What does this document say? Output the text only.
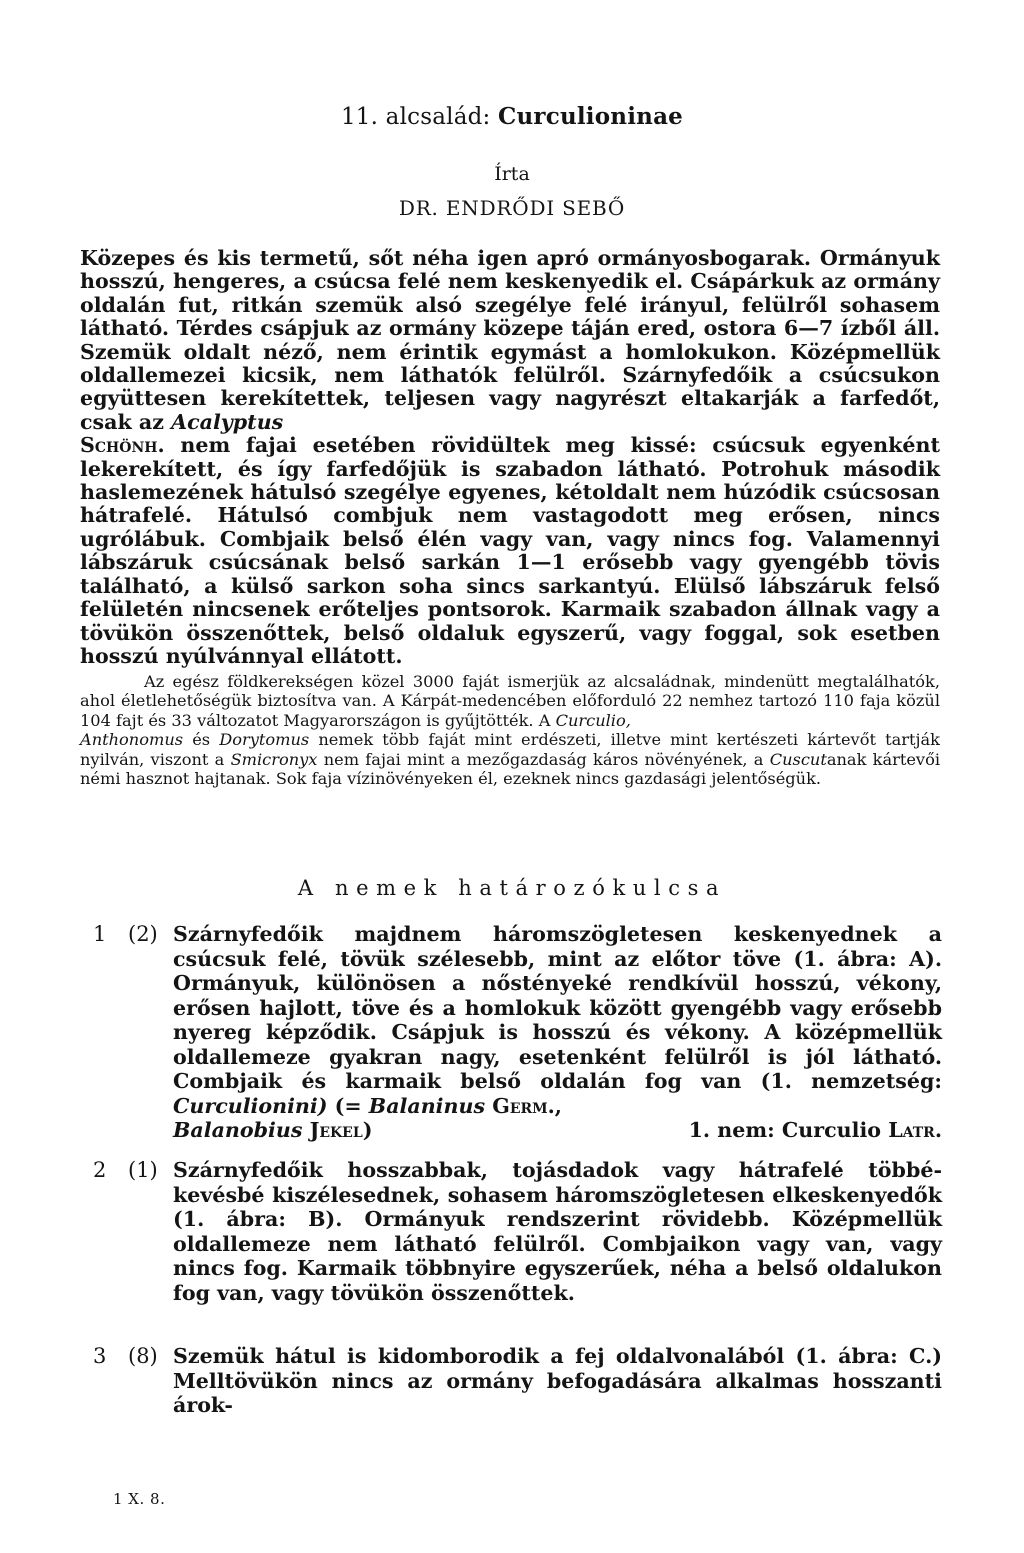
11. alcsalád: Curculioninae
Írta
DR. ENDRŐDI SEBŐ

Közepes és kis termetű, sőt néha igen apró ormányosbogarak. Ormányuk hosszú, hengeres, a csúcsa felé nem keskenyedik el. Csápárkuk az ormány oldalán fut, ritkán szemük alsó szegélye felé irányul, felülről sohasem látható. Térdes csápjuk az ormány közepe táján ered, ostora 6—7 ízből áll. Szemük oldalt néző, nem érintik egymást a homlokukon. Középmellük oldallemezei kicsik, nem láthatók felülről. Szárnyfedőik a csúcsukon együttesen kerekítettek, teljesen vagy nagyrészt eltakarják a farfedőt, csak az Acalyptus
Schönh. nem fajai esetében rövidültek meg kissé: csúcsuk egyenként lekerekített, és így farfedőjük is szabadon látható. Potrohuk második haslemezének hátulsó szegélye egyenes, kétoldalt nem húzódik csúcsosan hátrafelé. Hátulsó combjuk nem vastagodott meg erősen, nincs ugrólábuk. Combjaik belső élén vagy van, vagy nincs fog. Valamennyi lábszáruk csúcsának belső sarkán 1—1 erősebb vagy gyengébb tövis található, a külső sarkon soha sincs sarkantyú. Elülső lábszáruk felső felületén nincsenek erőteljes pontsorok. Karmaik szabadon állnak vagy a tövükön összenőttek, belső oldaluk egyszerű, vagy foggal, sok esetben hosszú nyúlvánnyal ellátott.

Az egész földkerekségen közel 3000 faját ismerjük az alcsaládnak, mindenütt megtalálhatók, ahol életlehetőségük biztosítva van. A Kárpát-medencében előforduló 22 nemhez tartozó 110 faja közül 104 fajt és 33 változatot Magyarországon is gyűjtötték. A Curculio,
Anthonomus és Dorytomus nemek több faját mint erdészeti, illetve mint kertészeti kártevőt tartják nyilván, viszont a Smicronyx nem fajai mint a mezőgazdaság káros növényének, a Cuscutanak kártevői némi hasznot hajtanak. Sok faja vízinövényeken él, ezeknek nincs gazdasági jelentőségük.

A nemek határozókulcsa
1 (2) Szárnyfedőik majdnem háromszögletesen keskenyednek a csúcsuk felé, tövük szélesebb, mint az előtor töve (1. ábra: A). Ormányuk, különösen a nőstényeké rendkívül hosszú, vékony, erősen hajlott, töve és a homlokuk között gyengébb vagy erősebb nyereg képződik. Csápjuk is hosszú és vékony. A középmellük oldallemeze gyakran nagy, esetenként felülről is jól látható. Combjaik és karmaik belső oldalán fog van (1. nemzetség: Curculionini) (= Balaninus Germ.,
Balanobius Jekel)	1. nem: Curculio Latr.
2 (1) Szárnyfedőik hosszabbak, tojásdadok vagy hátrafelé többé-kevésbé kiszélesednek, sohasem háromszögletesen elkeskenyedők (1. ábra: B). Ormányuk rendszerint rövidebb. Középmellük oldallemeze nem látható felülről. Combjaikon vagy van, vagy nincs fog. Karmaik többnyire egyszerűek, néha a belső oldalukon fog van, vagy tövükön összenőttek.
3 (8) Szemük hátul is kidomborodik a fej oldalvonalából (1. ábra: C.) Melltövükön nincs az ormány befogadására alkalmas hosszanti árok-
1 X. 8.
